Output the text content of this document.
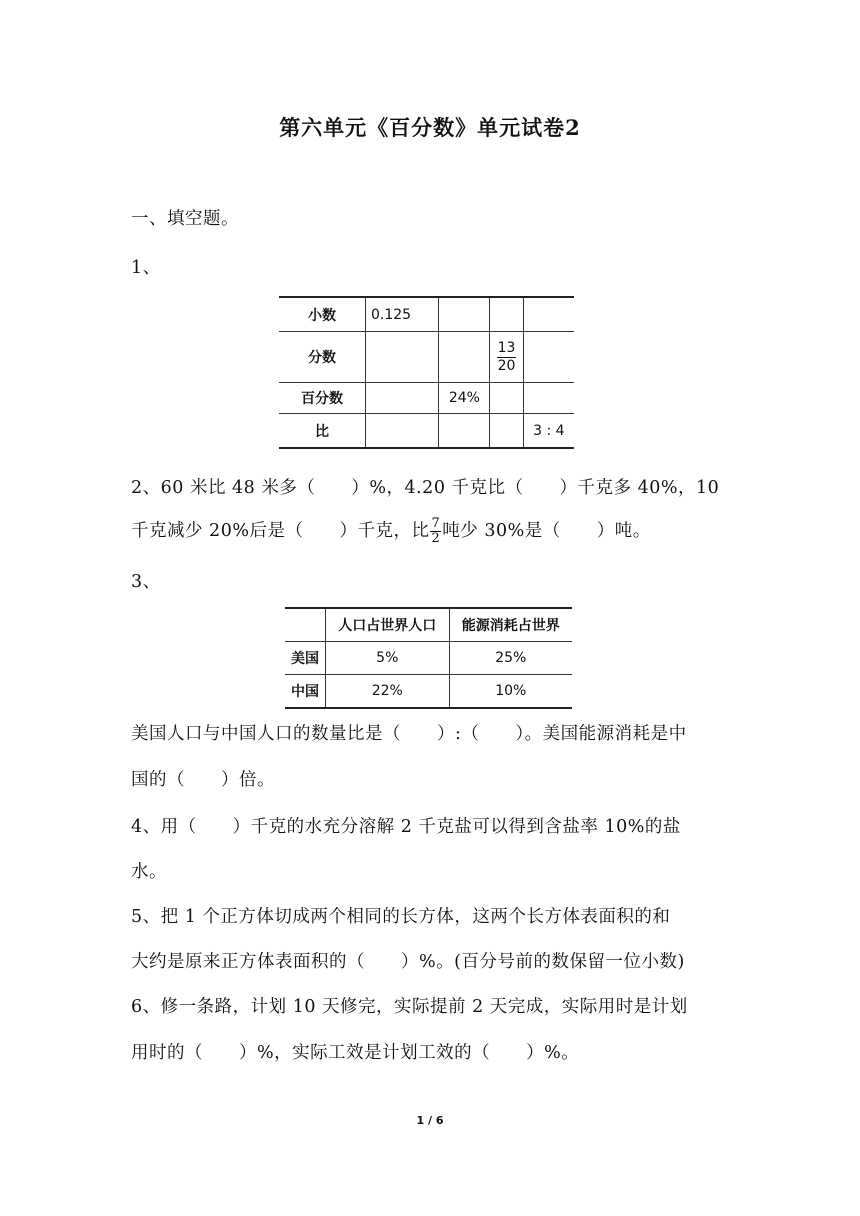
第六单元《百分数》单元试卷2
一、填空题。
1、
小数	0.125			
分数			$\frac{13}{20}$

百分数		24%		
比				3 : 4
2、60 米比 48 米多（　　）%，4.20 千克比（　　）千克多 40%，10
千克减少 20%后是（　　）千克，比 $\frac{7}{2}$ 吨少 30%是（　　）吨。
3、
	人口占世界人口	能源消耗占世界
美国	5%	25%
中国	22%	10%
美国人口与中国人口的数量比是（　　）:（　　）。美国能源消耗是中
国的（　　）倍。
4、用（　　）千克的水充分溶解 2 千克盐可以得到含盐率 10%的盐
水。
5、把 1 个正方体切成两个相同的长方体，这两个长方体表面积的和
大约是原来正方体表面积的（　　）%。(百分号前的数保留一位小数)
6、修一条路，计划 10 天修完，实际提前 2 天完成，实际用时是计划
用时的（　　）%，实际工效是计划工效的（　　）%。
1 / 6
